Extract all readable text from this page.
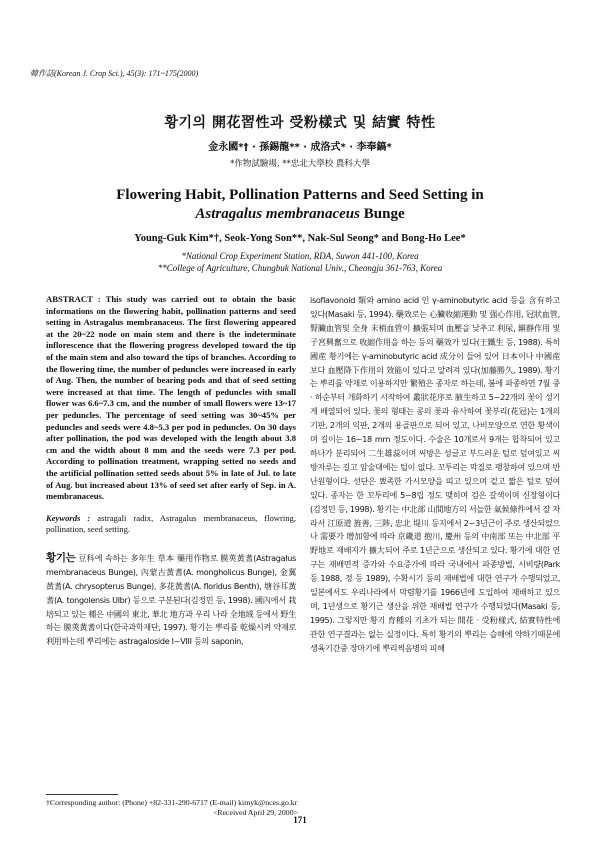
韓作誌(Korean J. Crop Sci.), 45(3): 171~175(2000)
황기의 開花習性과 受粉樣式 및 結實 特性
金永國*† · 孫錫龍** · 成洛式* · 李奉鎬*
*作物試驗場, **忠北大學校 農科大學
Flowering Habit, Pollination Patterns and Seed Setting in
Astragalus membranaceus Bunge
Young-Guk Kim*†, Seok-Yong Son**, Nak-Sul Seong* and Bong-Ho Lee*
*National Crop Experiment Station, RDA, Suwon 441-100, Korea
**College of Agriculture, Chungbuk National Univ., Cheongju 361-763, Korea

ABSTRACT : This study was carried out to obtain the basic informations on the flowering habit, pollination patterns and seed setting in Astragalus membranaceus. The first flowering appeared at the 20~22 node on main stem and there is the indeterminate inflorescence that the flowering progress developed toward the tip of the main stem and also toward the tips of branches. According to the flowering time, the number of peduncles were increased in early of Aug. Then, the number of bearing pods and that of seed setting were increased at that time. The length of peduncles with small flower was 6.6~7.3 cm, and the number of small flowers were 13~17 per peduncles. The percentage of seed setting was 30~45% per peduncles and seeds were 4.8~5.3 per pod in peduncles. On 30 days after pollination, the pod was developed with the length about 3.8 cm and the width about 8 mm and the seeds were 7.3 per pod. According to pollination treatment, wrapping setted no seeds and the artificial pollination setted seeds about 5% in late of Jul. to late of Aug. but increased about 13% of seed set after early of Sep. in A. membranaceus.

Keywords : astragali radix, Astragalus membranaceus, flowring, pollination, seed setting.

황기는 豆科에 속하는 多年生 草本 藥用作物로 膜莢黃耆(Astragalus membranaceus Bunge), 內蒙古黃耆(A. mongholicus Bunge), 金翼黃耆(A. chrysopterus Bunge), 多花黃耆(A. floridus Benth), 塘谷耳黃耆(A. tongolensis Ulbr) 등으로 구분된다(김정민 등, 1998). 國內에서 栽培되고 있는 種은 中國의 東北, 華北 地方과 우리 나라 全地域 등에서 野生하는 膜莢黃耆이다(한국과학재단, 1997). 황기는 뿌리를 乾燥시켜 약재로 利用하는데 뿌리에는 astragaloside I~VIII 등의 saponin,

isoflavonoid 類와 amino acid 인 γ-aminobutyric acid 등을 含有하고 있다(Masaki 등, 1994). 藥效로는 心臟收縮運動 및 强心作用, 冠狀血管, 腎臟血管및 全身 末梢血管이 擴張되며 血壓을 낮추고 利尿, 鎭靜作用 및 子宮興奮으로 收縮作用을 하는 등의 藥效가 있다(王鐵生 등, 1988). 특히 國産 황기에는 γ-aminobutyric acid 成分이 들어 있어 日本이나 中國産보다 血壓降下作用의 效能이 있다고 알려져 있다(加藤勝久, 1989). 황기는 뿌리를 약재로 이용하지만 繁殖은 종자로 하는데, 봄에 파종하면 7월 중 · 하순부터 개화하기 시작하여 叢狀花序로 腋生하고 5~22개의 꽃이 성기게 배열되어 있다. 꽃의 형태는 콩의 꽃과 유사하여 꽃부리(花冠)는 1개의 기판, 2개의 익판, 2개의 용골판으로 되어 있고, 나비모양으로 연한 황색이며 길이는 16~18 mm 정도이다. 수술은 10개로서 9개는 합착되어 있고 하나가 분리되어 二生雄蕊이며 씨방은 성글고 부드러운 털로 덮여있고 씨방자루는 길고 암술대에는 털이 없다. 꼬투리는 막질로 팽창하여 있으며 반난원형이다. 선단은 뾰족한 가시모양을 띠고 있으며 겉고 짧은 털로 덮여 있다. 종자는 한 꼬투리에 5~8립 정도 맺히며 검은 갈색이며 신장형이다(김정민 등, 1998). 황기는 中北部 山間地方의 서늘한 氣候條件에서 잘 자라서 江原道 旌善, 三陟, 忠北 堤川 등지에서 2~3년근이 주로 생산되었으나 需要가 增加함에 따라 京畿道 抱川, 慶州 등의 中南部 또는 中北部 平野地로 재배지가 擴大되어 주로 1년근으로 생산되고 있다. 황기에 대한 연구는 재배면적 증가와 수요증가에 따라 국내에서 파종방법, 시비량(Park 등 1988, 정 등 1989), 수확시기 등의 재배법에 대한 연구가 수행되었고, 일본에서도 우리나라에서 막렴황기를 1966년에 도입하여 재배하고 있으며, 1년생으로 황기근 생산을 위한 재배법 연구가 수행되었다(Masaki 등, 1995). 그렇지만 황기 育種의 기초가 되는 開花 · 受粉樣式, 結實特性에 관한 연구결과는 없는 실정이다. 특히 황기의 뿌리는 습해에 약하기때문에 생육기간중 장마기에 뿌리썩음병의 피해

†Corresponding author: (Phone) +82-331-290-6717 (E-mail) kimyk@nces.go.kr
<Received April 29, 2000>
171
